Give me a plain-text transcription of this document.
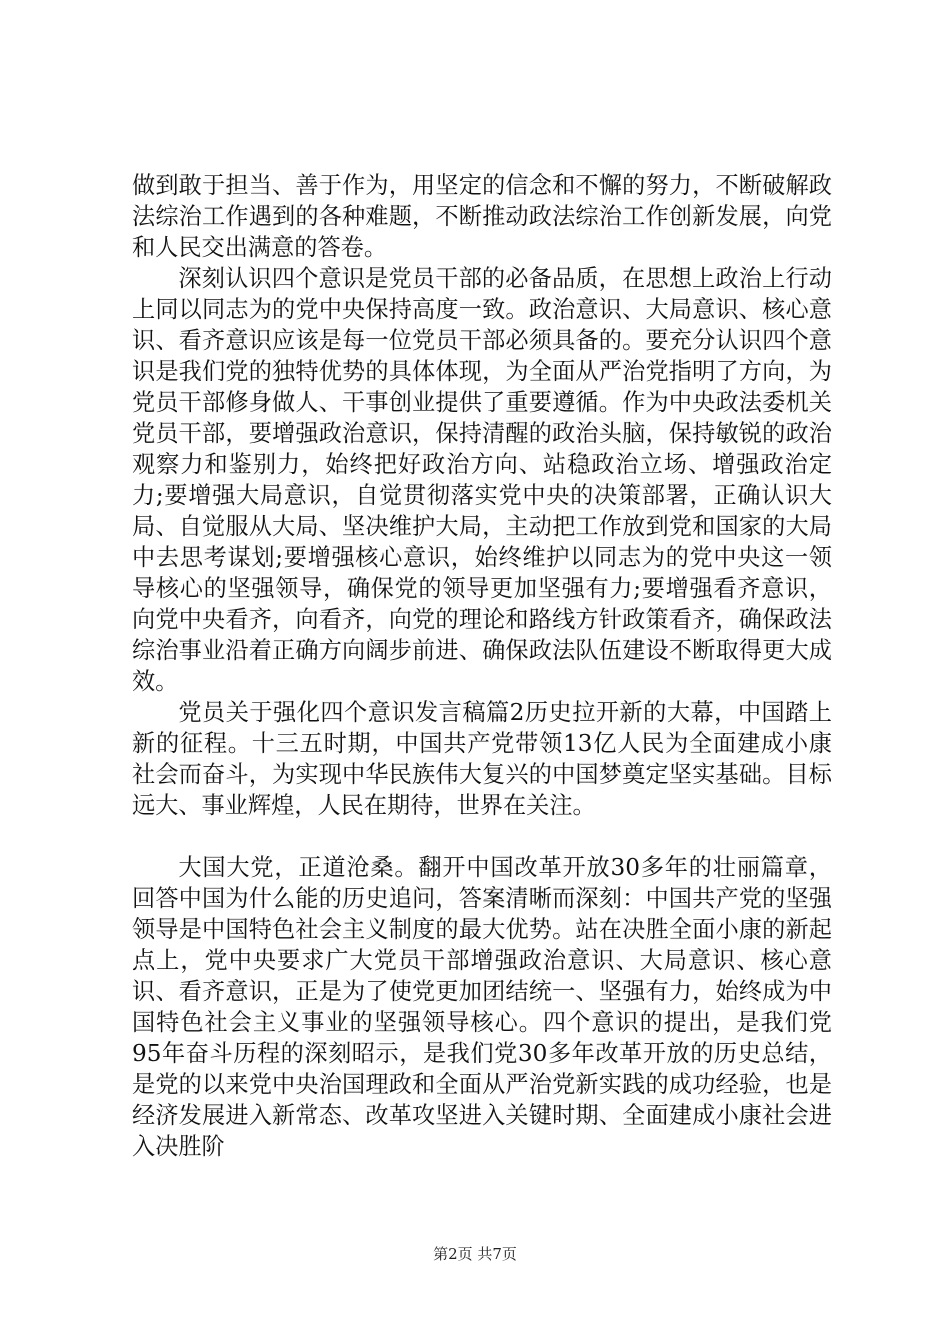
做到敢于担当、善于作为，用坚定的信念和不懈的努力，不断破解政法综治工作遇到的各种难题，不断推动政法综治工作创新发展，向党和人民交出满意的答卷。

深刻认识四个意识是党员干部的必备品质，在思想上政治上行动上同以同志为的党中央保持高度一致。政治意识、大局意识、核心意识、看齐意识应该是每一位党员干部必须具备的。要充分认识四个意识是我们党的独特优势的具体体现，为全面从严治党指明了方向，为党员干部修身做人、干事创业提供了重要遵循。作为中央政法委机关党员干部，要增强政治意识，保持清醒的政治头脑，保持敏锐的政治观察力和鉴别力，始终把好政治方向、站稳政治立场、增强政治定力;要增强大局意识，自觉贯彻落实党中央的决策部署，正确认识大局、自觉服从大局、坚决维护大局，主动把工作放到党和国家的大局中去思考谋划;要增强核心意识，始终维护以同志为的党中央这一领导核心的坚强领导，确保党的领导更加坚强有力;要增强看齐意识，向党中央看齐，向看齐，向党的理论和路线方针政策看齐，确保政法综治事业沿着正确方向阔步前进、确保政法队伍建设不断取得更大成效。

党员关于强化四个意识发言稿篇2历史拉开新的大幕，中国踏上新的征程。十三五时期，中国共产党带领13亿人民为全面建成小康社会而奋斗，为实现中华民族伟大复兴的中国梦奠定坚实基础。目标远大、事业辉煌，人民在期待，世界在关注。

大国大党，正道沧桑。翻开中国改革开放30多年的壮丽篇章，回答中国为什么能的历史追问，答案清晰而深刻：中国共产党的坚强领导是中国特色社会主义制度的最大优势。站在决胜全面小康的新起点上，党中央要求广大党员干部增强政治意识、大局意识、核心意识、看齐意识，正是为了使党更加团结统一、坚强有力，始终成为中国特色社会主义事业的坚强领导核心。四个意识的提出，是我们党95年奋斗历程的深刻昭示，是我们党30多年改革开放的历史总结，是党的以来党中央治国理政和全面从严治党新实践的成功经验，也是经济发展进入新常态、改革攻坚进入关键时期、全面建成小康社会进入决胜阶

第2页 共7页
